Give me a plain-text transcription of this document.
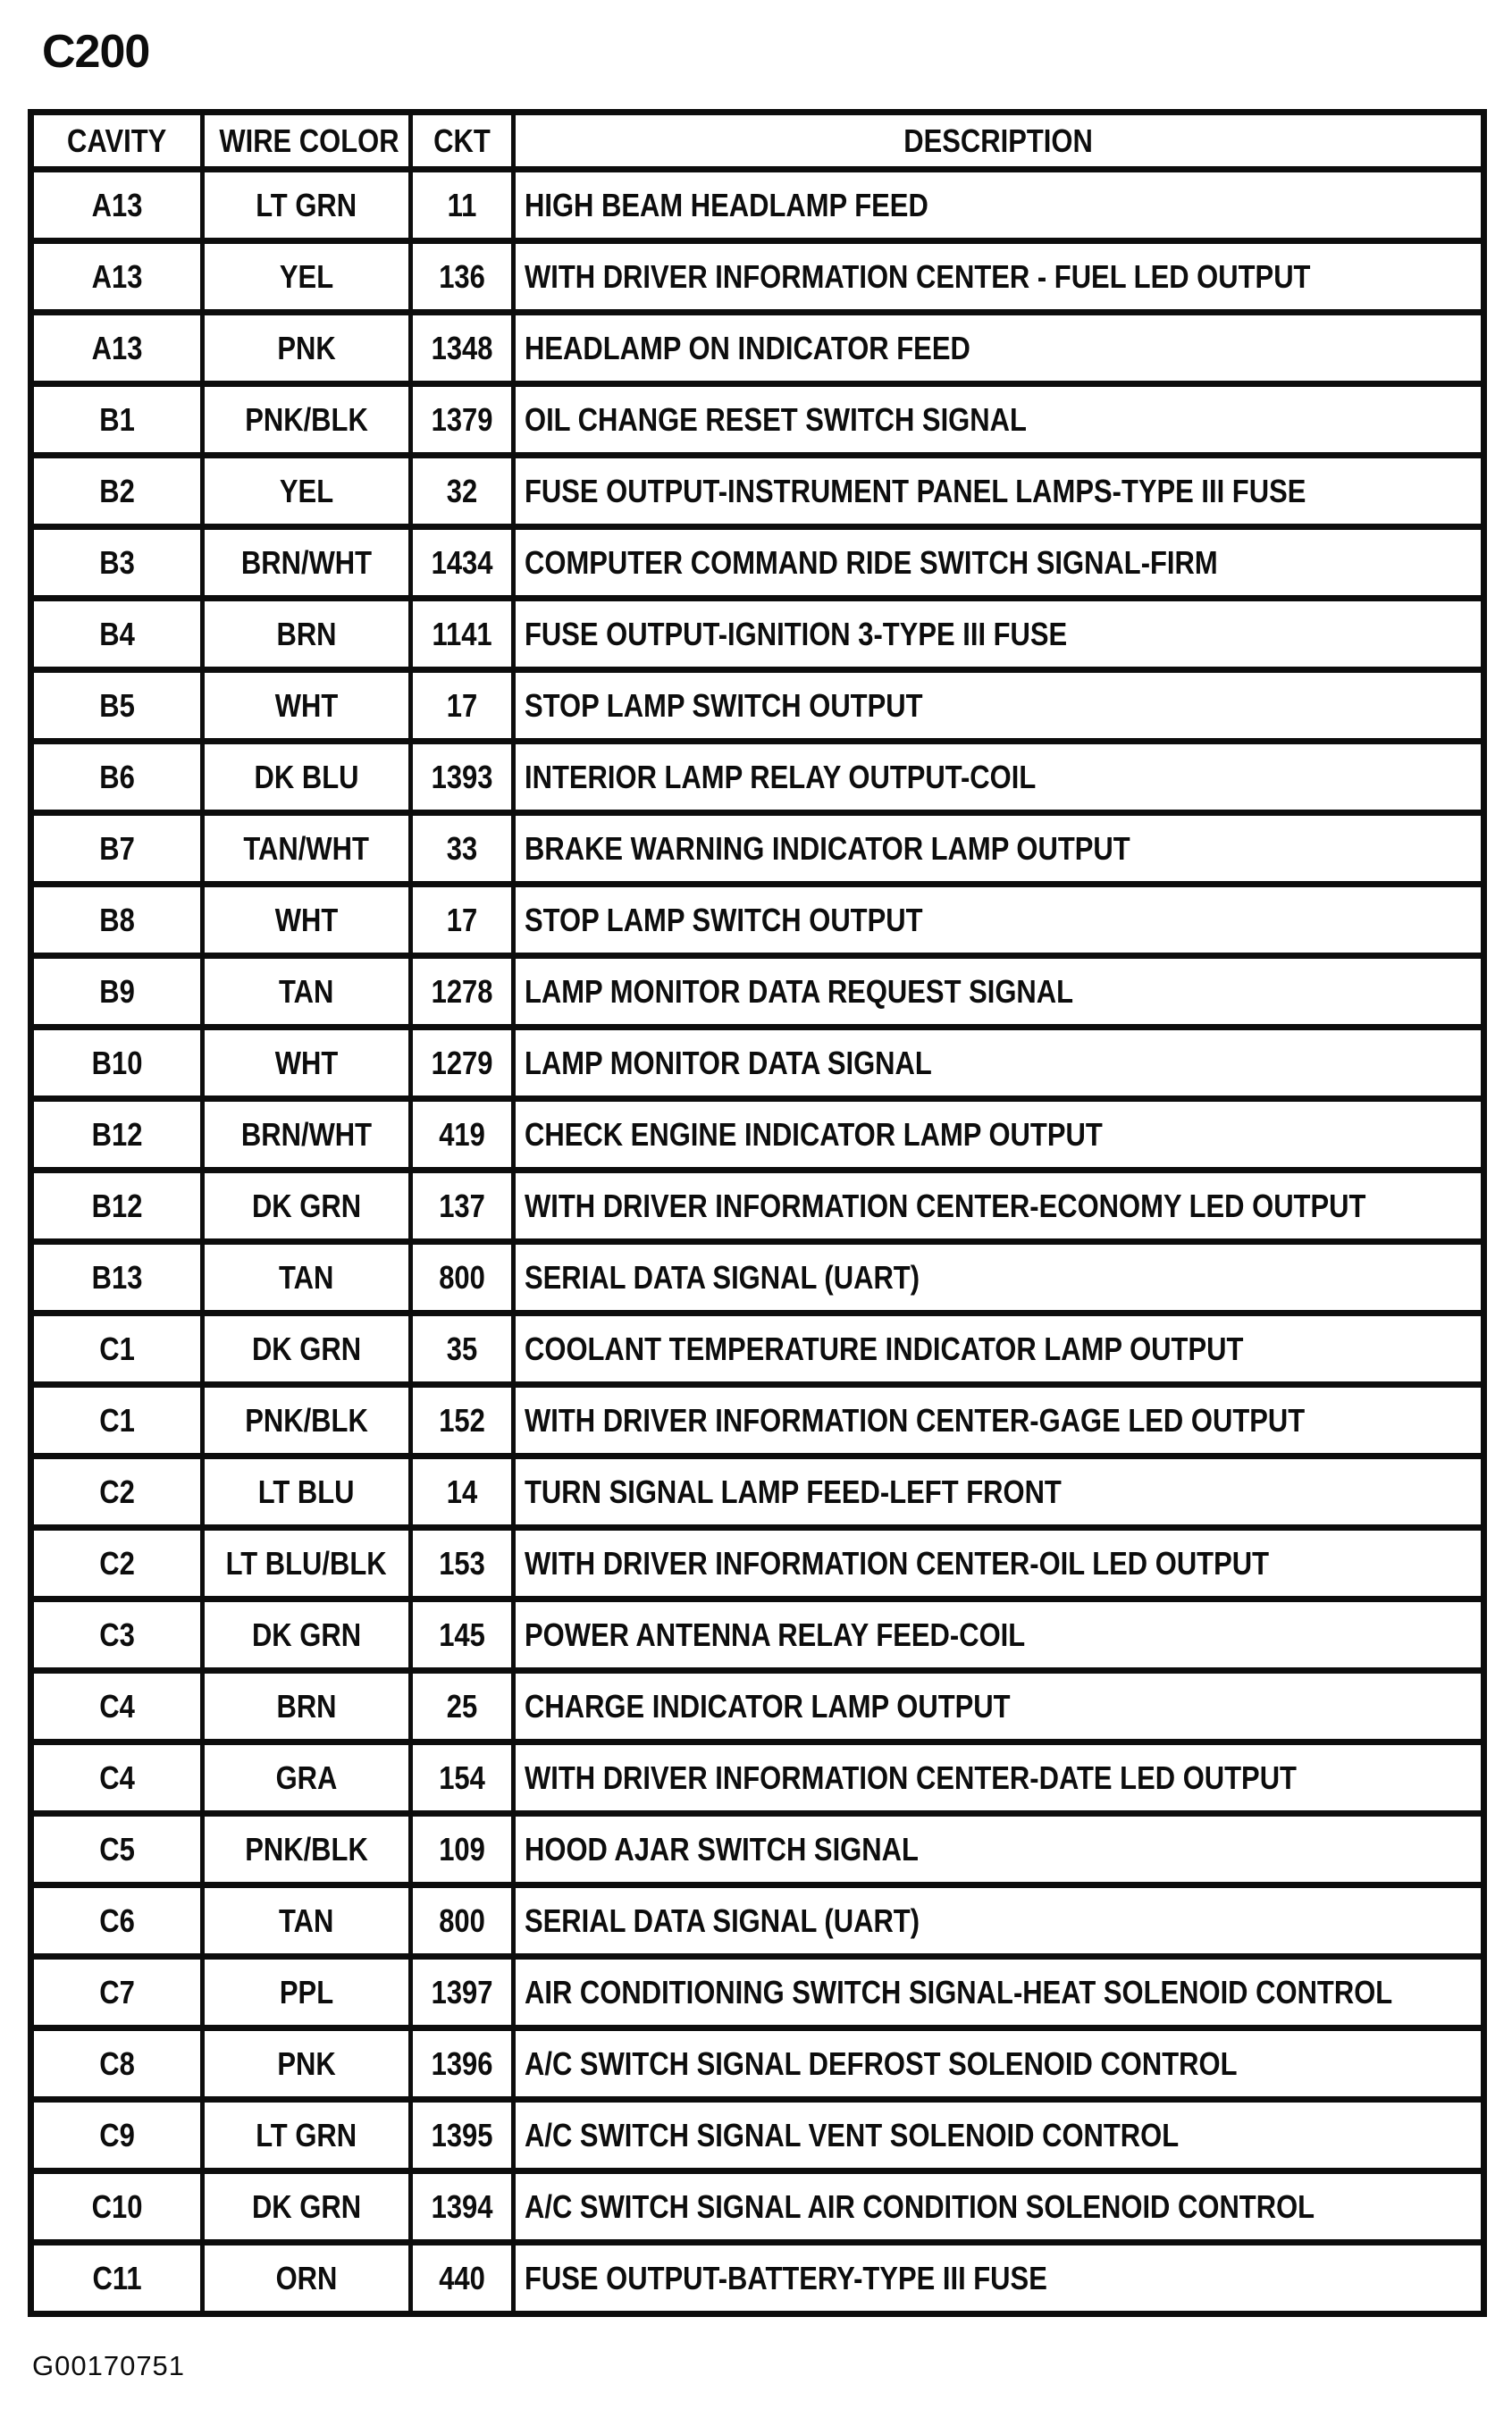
C200
CAVITY	WIRE COLOR	CKT	DESCRIPTION
A13	LT GRN	11	HIGH BEAM HEADLAMP FEED
A13	YEL	136	WITH DRIVER INFORMATION CENTER - FUEL LED OUTPUT
A13	PNK	1348	HEADLAMP ON INDICATOR FEED
B1	PNK/BLK	1379	OIL CHANGE RESET SWITCH SIGNAL
B2	YEL	32	FUSE OUTPUT-INSTRUMENT PANEL LAMPS-TYPE III FUSE
B3	BRN/WHT	1434	COMPUTER COMMAND RIDE SWITCH SIGNAL-FIRM
B4	BRN	1141	FUSE OUTPUT-IGNITION 3-TYPE III FUSE
B5	WHT	17	STOP LAMP SWITCH OUTPUT
B6	DK BLU	1393	INTERIOR LAMP RELAY OUTPUT-COIL
B7	TAN/WHT	33	BRAKE WARNING INDICATOR LAMP OUTPUT
B8	WHT	17	STOP LAMP SWITCH OUTPUT
B9	TAN	1278	LAMP MONITOR DATA REQUEST SIGNAL
B10	WHT	1279	LAMP MONITOR DATA SIGNAL
B12	BRN/WHT	419	CHECK ENGINE INDICATOR LAMP OUTPUT
B12	DK GRN	137	WITH DRIVER INFORMATION CENTER-ECONOMY LED OUTPUT
B13	TAN	800	SERIAL DATA SIGNAL (UART)
C1	DK GRN	35	COOLANT TEMPERATURE INDICATOR LAMP OUTPUT
C1	PNK/BLK	152	WITH DRIVER INFORMATION CENTER-GAGE LED OUTPUT
C2	LT BLU	14	TURN SIGNAL LAMP FEED-LEFT FRONT
C2	LT BLU/BLK	153	WITH DRIVER INFORMATION CENTER-OIL LED OUTPUT
C3	DK GRN	145	POWER ANTENNA RELAY FEED-COIL
C4	BRN	25	CHARGE INDICATOR LAMP OUTPUT
C4	GRA	154	WITH DRIVER INFORMATION CENTER-DATE LED OUTPUT
C5	PNK/BLK	109	HOOD AJAR SWITCH SIGNAL
C6	TAN	800	SERIAL DATA SIGNAL (UART)
C7	PPL	1397	AIR CONDITIONING SWITCH SIGNAL-HEAT SOLENOID CONTROL
C8	PNK	1396	A/C SWITCH SIGNAL DEFROST SOLENOID CONTROL
C9	LT GRN	1395	A/C SWITCH SIGNAL VENT SOLENOID CONTROL
C10	DK GRN	1394	A/C SWITCH SIGNAL AIR CONDITION SOLENOID CONTROL
C11	ORN	440	FUSE OUTPUT-BATTERY-TYPE III FUSE
G00170751
